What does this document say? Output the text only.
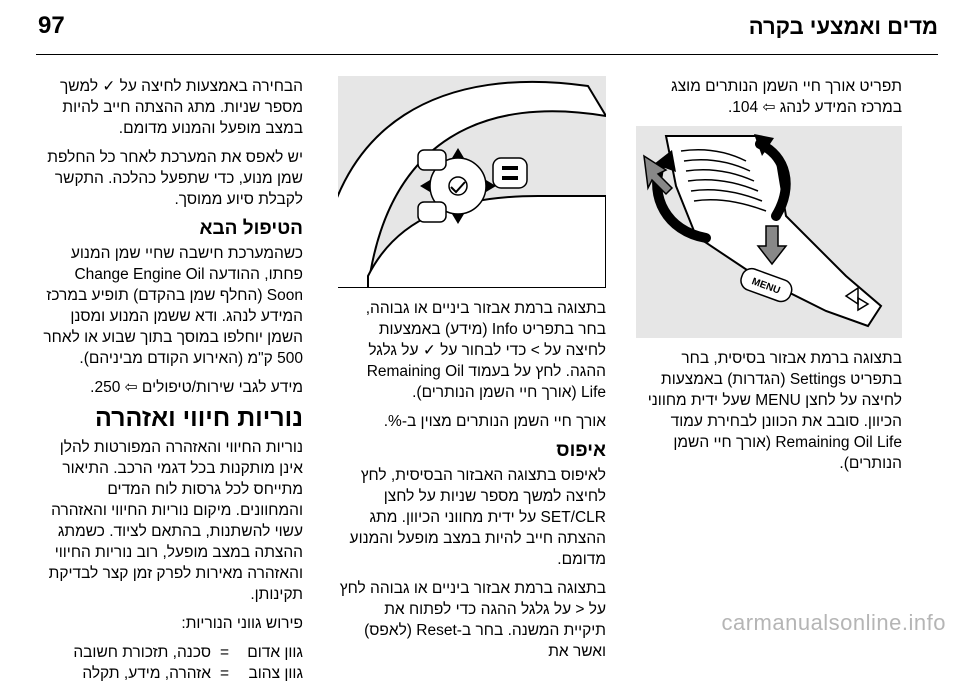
97	מדים ואמצעי בקרה

תפריט אורך חיי השמן הנותרים מוצג במרכז המידע לנהג ⇦ 104.

MENU

בתצוגה ברמת אבזור בסיסית, בחר בתפריט Settings (הגדרות) באמצעות לחיצה על לחצן MENU שעל ידית מחווני הכיוון. סובב את הכוונן לבחירת עמוד Remaining Oil Life (אורך חיי השמן הנותרים).

בתצוגה ברמת אבזור ביניים או גבוהה, בחר בתפריט Info (מידע) באמצעות לחיצה על > כדי לבחור על ✓ על גלגל ההגה. לחץ על בעמוד Remaining Oil Life (אורך חיי השמן הנותרים).

אורך חיי השמן הנותרים מצוין ב-%.

איפוס

לאיפוס בתצוגה האבזור הבסיסית, לחץ לחיצה למשך מספר שניות על לחצן SET/CLR על ידית מחווני הכיוון. מתג ההצתה חייב להיות במצב מופעל והמנוע מדומם.

בתצוגה ברמת אבזור ביניים או גבוהה לחץ על < על גלגל ההגה כדי לפתוח את תיקיית המשנה. בחר ב-Reset (לאפס) ואשר את

הבחירה באמצעות לחיצה על ✓ למשך מספר שניות. מתג ההצתה חייב להיות במצב מופעל והמנוע מדומם.

יש לאפס את המערכת לאחר כל החלפת שמן מנוע, כדי שתפעל כהלכה. התקשר לקבלת סיוע ממוסך.

הטיפול הבא

כשהמערכת חישבה שחיי שמן המנוע פחתו, ההודעה Change Engine Oil Soon (החלף שמן בהקדם) תופיע במרכז המידע לנהג. ודא ששמן המנוע ומסנן השמן יוחלפו במוסך בתוך שבוע או לאחר 500 ק"מ (האירוע הקודם מביניהם).

מידע לגבי שירות/טיפולים ⇦ 250.

נוריות חיווי ואזהרה

נוריות החיווי והאזהרה המפורטות להלן אינן מותקנות בכל דגמי הרכב. התיאור מתייחס לכל גרסות לוח המדים והמחוונים. מיקום נוריות החיווי והאזהרה עשוי להשתנות, בהתאם לציוד. כשמתג ההצתה במצב מופעל, רוב נוריות החיווי והאזהרה מאירות לפרק זמן קצר לבדיקת תקינותן.

פירוש גווני הנוריות:

גוון אדום
=
סכנה, תזכורת חשובה
גוון צהוב
=
אזהרה, מידע, תקלה
carmanualsonline.info
